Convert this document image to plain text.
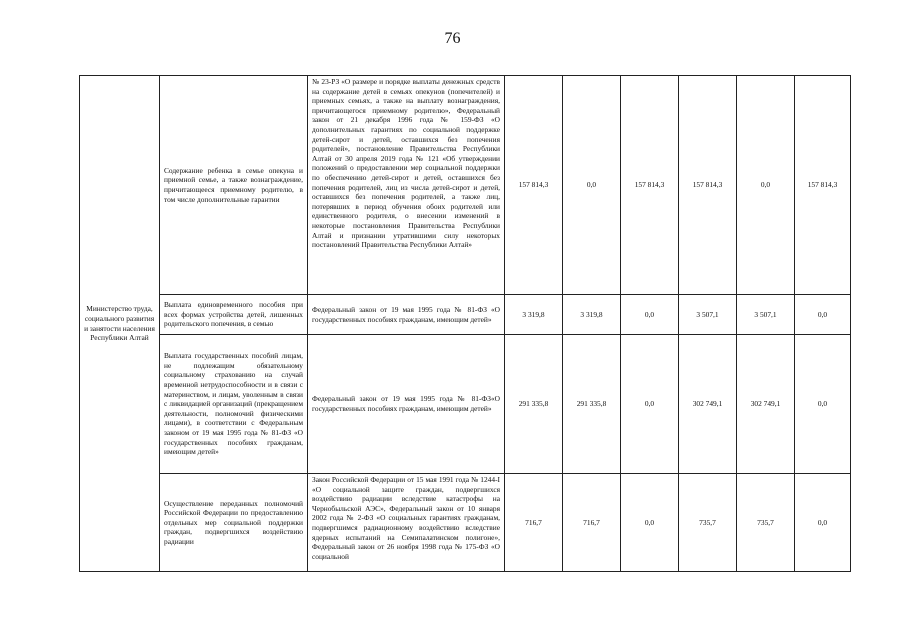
76
Министерство труда, социального развития и занятости населения Республики Алтай	Содержание ребенка в семье опекуна и приемной семье, а также вознаграждение, причитающееся приемному родителю, в том числе дополнительные гарантии	№ 23-РЗ «О размере и порядке выплаты денежных средств на содержание детей в семьях опекунов (попечителей) и приемных семьях, а также на выплату вознаграждения, причитающегося приемному родителю», Федеральный закон от 21 декабря 1996 года № 159-ФЗ «О дополнительных гарантиях по социальной поддержке детей-сирот и детей, оставшихся без попечения родителей», постановление Правительства Республики Алтай от 30 апреля 2019 года № 121 «Об утверждении положений о предоставлении мер социальной поддержки по обеспечению детей-сирот и детей, оставшихся без попечения родителей, лиц из числа детей-сирот и детей, оставшихся без попечения родителей, а также лиц, потерявших в период обучения обоих родителей или единственного родителя, о внесении изменений в некоторые постановления Правительства Республики Алтай и признании утратившими силу некоторых постановлений Правительства Республики Алтай»	157 814,3	0,0	157 814,3	157 814,3	0,0	157 814,3
	Выплата единовременного пособия при всех формах устройства детей, лишенных родительского попечения, в семью	Федеральный закон от 19 мая 1995 года № 81-ФЗ «О государственных пособиях гражданам, имеющим детей»	3 319,8	3 319,8	0,0	3 507,1	3 507,1	0,0
	Выплата государственных пособий лицам, не подлежащим обязательному социальному страхованию на случай временной нетрудоспособности и в связи с материнством, и лицам, уволенным в связи с ликвидацией организаций (прекращением деятельности, полномочий физическими лицами), в соответствии с Федеральным законом от 19 мая 1995 года № 81-ФЗ «О государственных пособиях гражданам, имеющим детей»	Федеральный закон от 19 мая 1995 года № 81-ФЗ«О государственных пособиях гражданам, имеющим детей»	291 335,8	291 335,8	0,0	302 749,1	302 749,1	0,0
	Осуществление переданных полномочий Российской Федерации по предоставлению отдельных мер социальной поддержки граждан, подвергшихся воздействию радиации	Закон Российской Федерации от 15 мая 1991 года № 1244-I «О социальной защите граждан, подвергшихся воздействию радиации вследствие катастрофы на Чернобыльской АЭС», Федеральный закон от 10 января 2002 года № 2-ФЗ «О социальных гарантиях гражданам, подвергшимся радиационному воздействию вследствие ядерных испытаний на Семипалатинском полигоне», Федеральный закон от 26 ноября 1998 года № 175-ФЗ «О социальной	716,7	716,7	0,0	735,7	735,7	0,0
